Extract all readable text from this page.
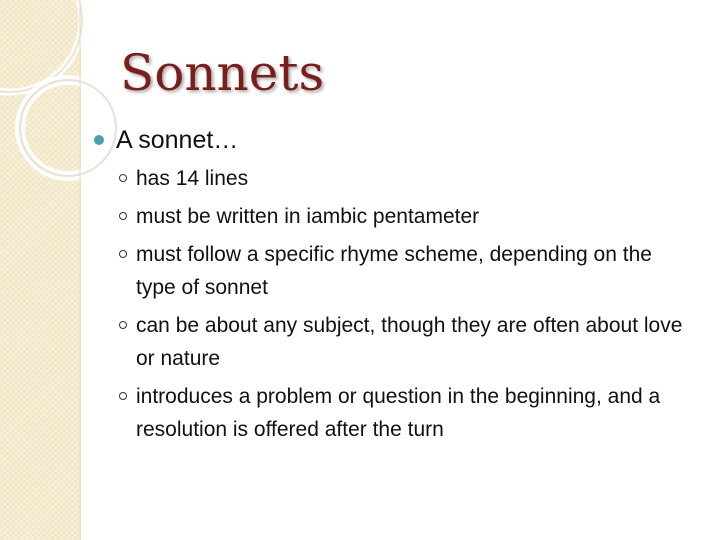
Sonnets
A sonnet…
has 14 lines
must be written in iambic pentameter
must follow a specific rhyme scheme, depending on the type of sonnet
can be about any subject, though they are often about love or nature
introduces a problem or question in the beginning, and a resolution is offered after the turn
